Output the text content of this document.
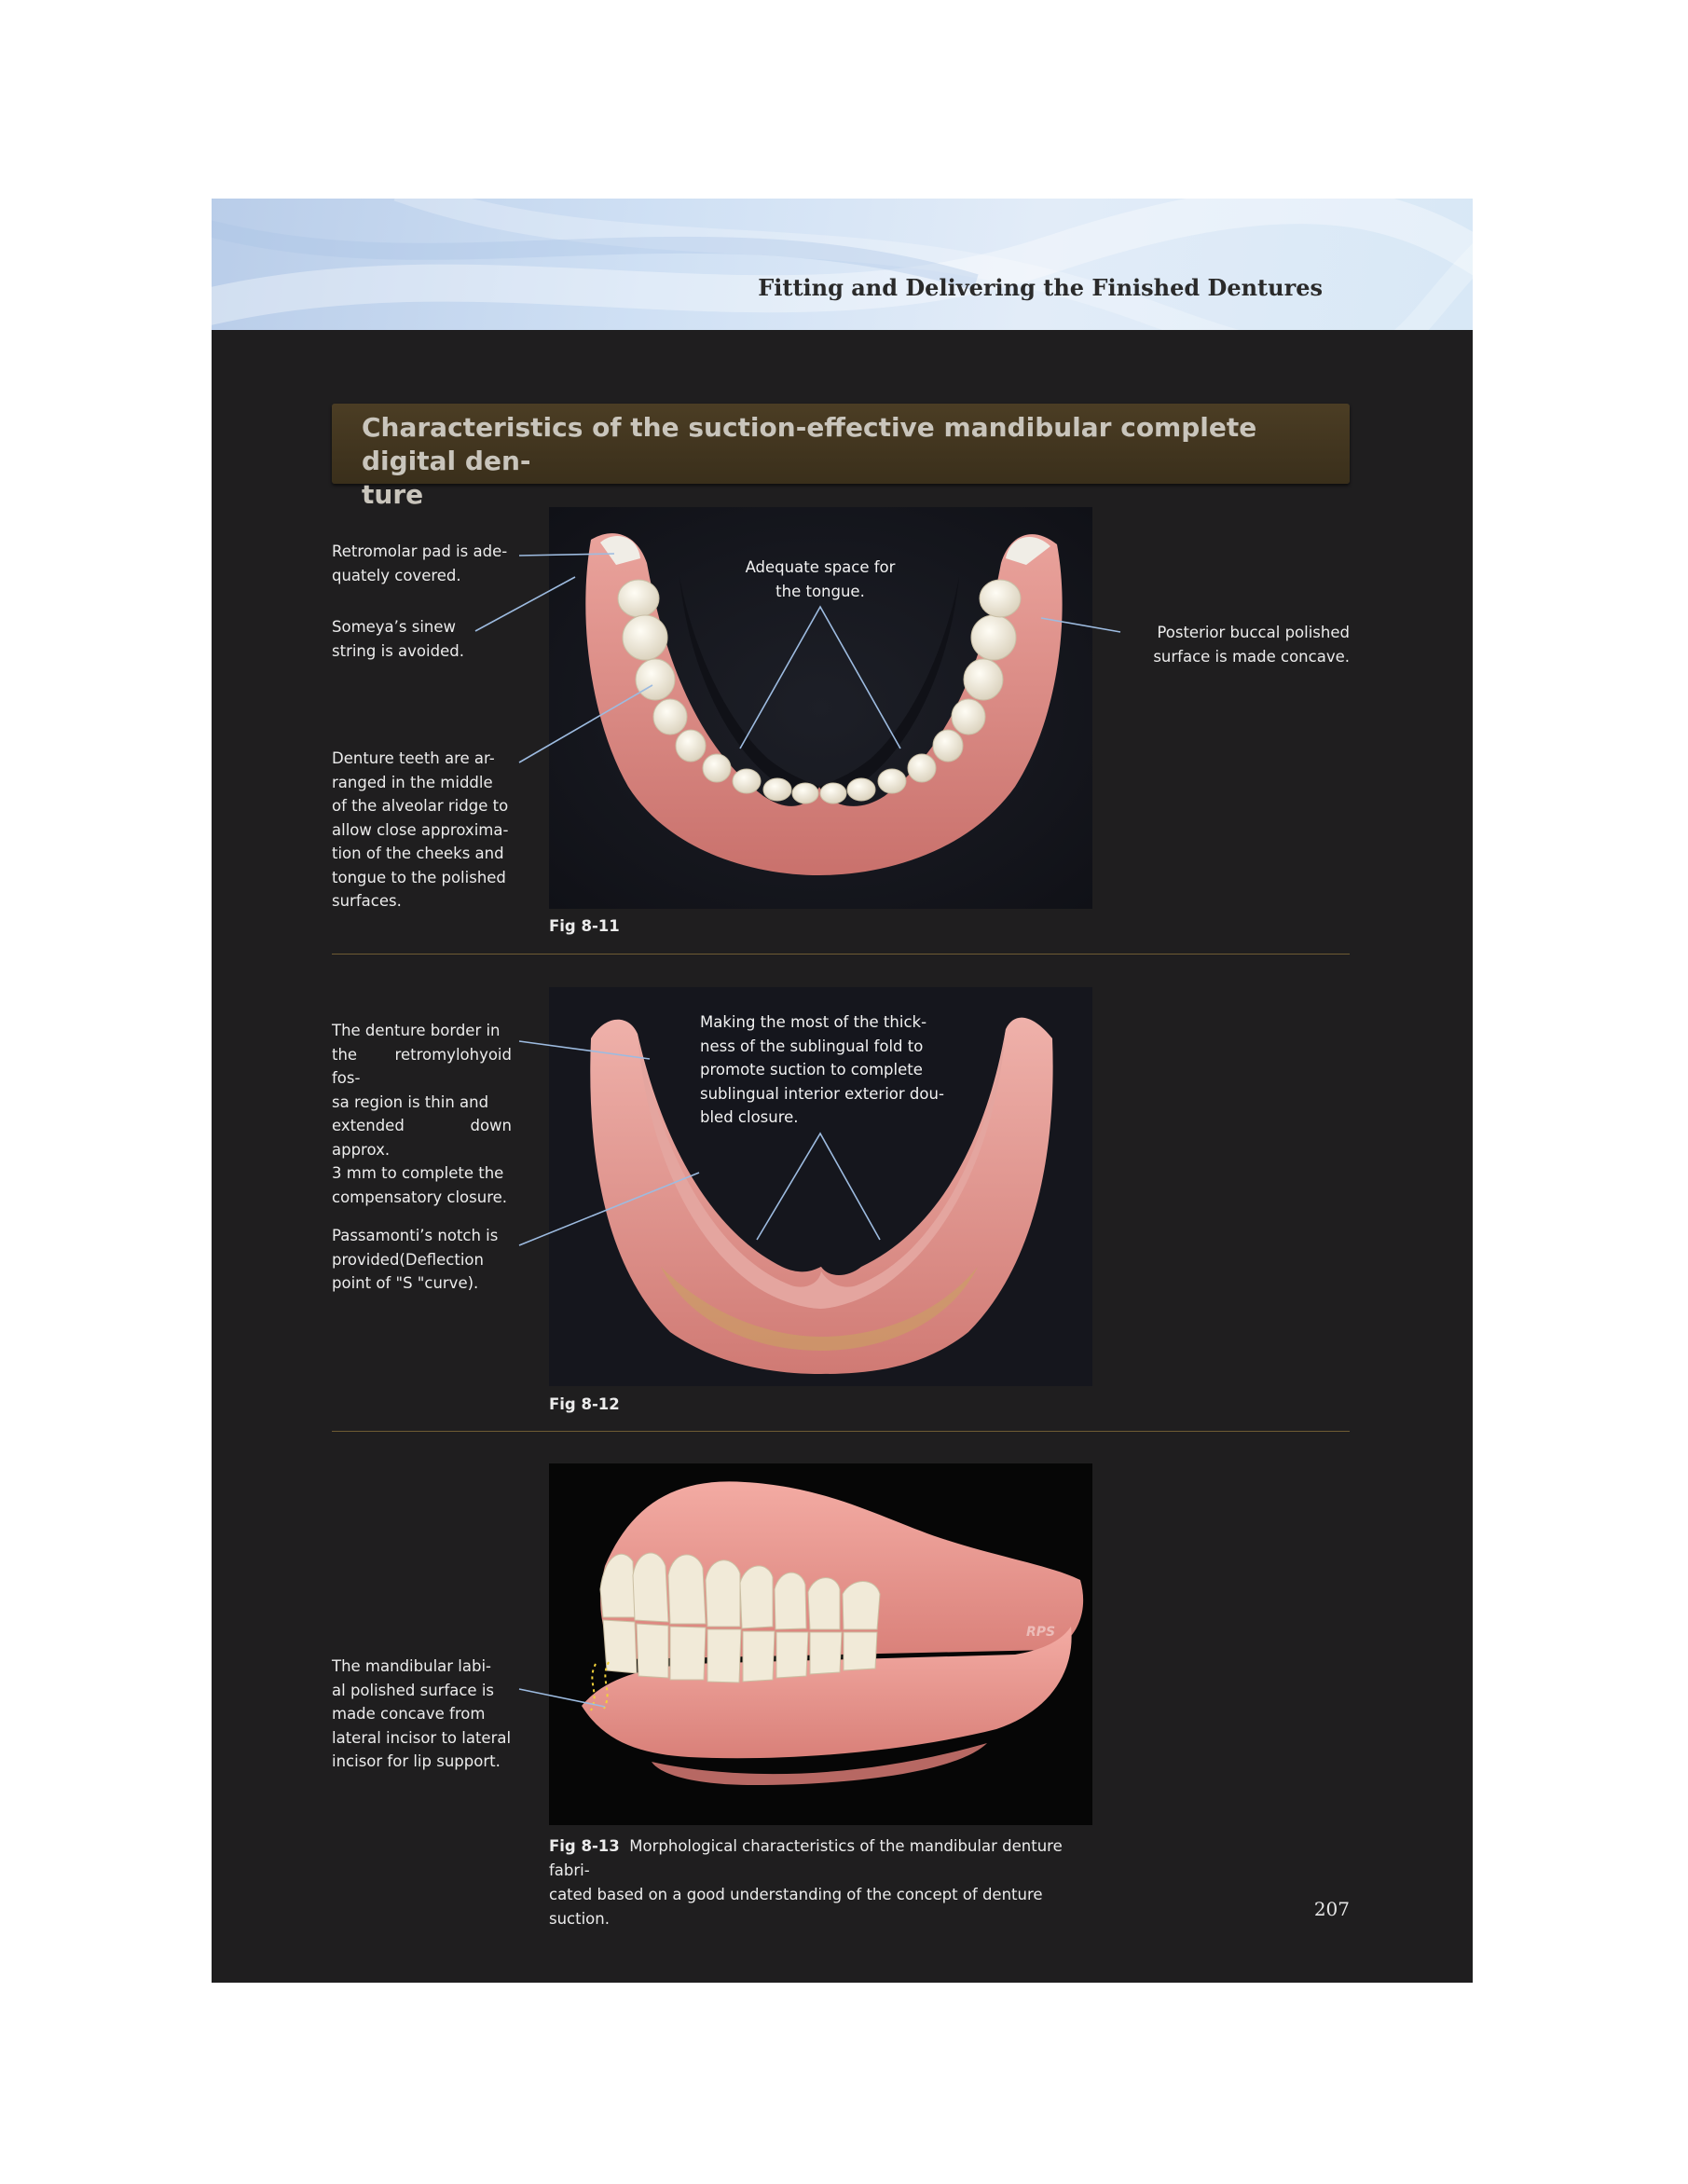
Fitting and Delivering the Finished Dentures
Characteristics of the suction-effective mandibular complete digital den-
ture
RPS
Retromolar pad is ade-
quately covered.
Someya’s sinew
string is avoided.
Denture teeth are ar-
ranged in the middle
of the alveolar ridge to
allow close approxima-
tion of the cheeks and
tongue to the polished
surfaces.
Adequate space for
the tongue.
Posterior buccal polished
surface is made concave.
Fig 8-11
The denture border in
the retromylohyoid fos-
sa region is thin and
extended down approx.
3 mm to complete the
compensatory closure.
Passamonti’s notch is
provided(Deflection
point of "S "curve).
Making the most of the thick-
ness of the sublingual fold to
promote suction to complete
sublingual interior exterior dou-
bled closure.
Fig 8-12
The mandibular labi-
al polished surface is
made concave from
lateral incisor to lateral
incisor for lip support.
Fig 8-13 Morphological characteristics of the mandibular denture fabri-
cated based on a good understanding of the concept of denture suction.	207
